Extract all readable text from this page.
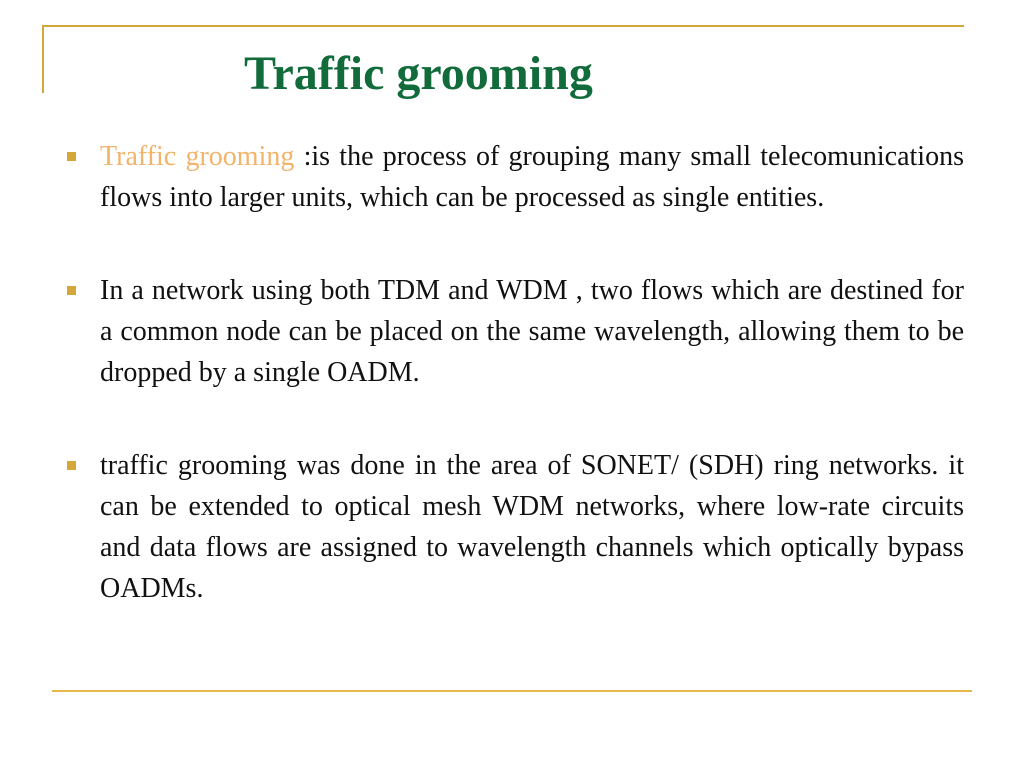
Traffic grooming
Traffic grooming :is the process of grouping many small telecomunications flows into larger units, which can be processed as single entities.
In a network using both TDM and WDM , two flows which are destined for a common node can be placed on the same wavelength, allowing them to be dropped by a single OADM.
traffic grooming was done in the area of SONET/ (SDH) ring networks. it can be extended to optical mesh WDM networks, where low-rate circuits and data flows are assigned to wavelength channels which optically bypass OADMs.
